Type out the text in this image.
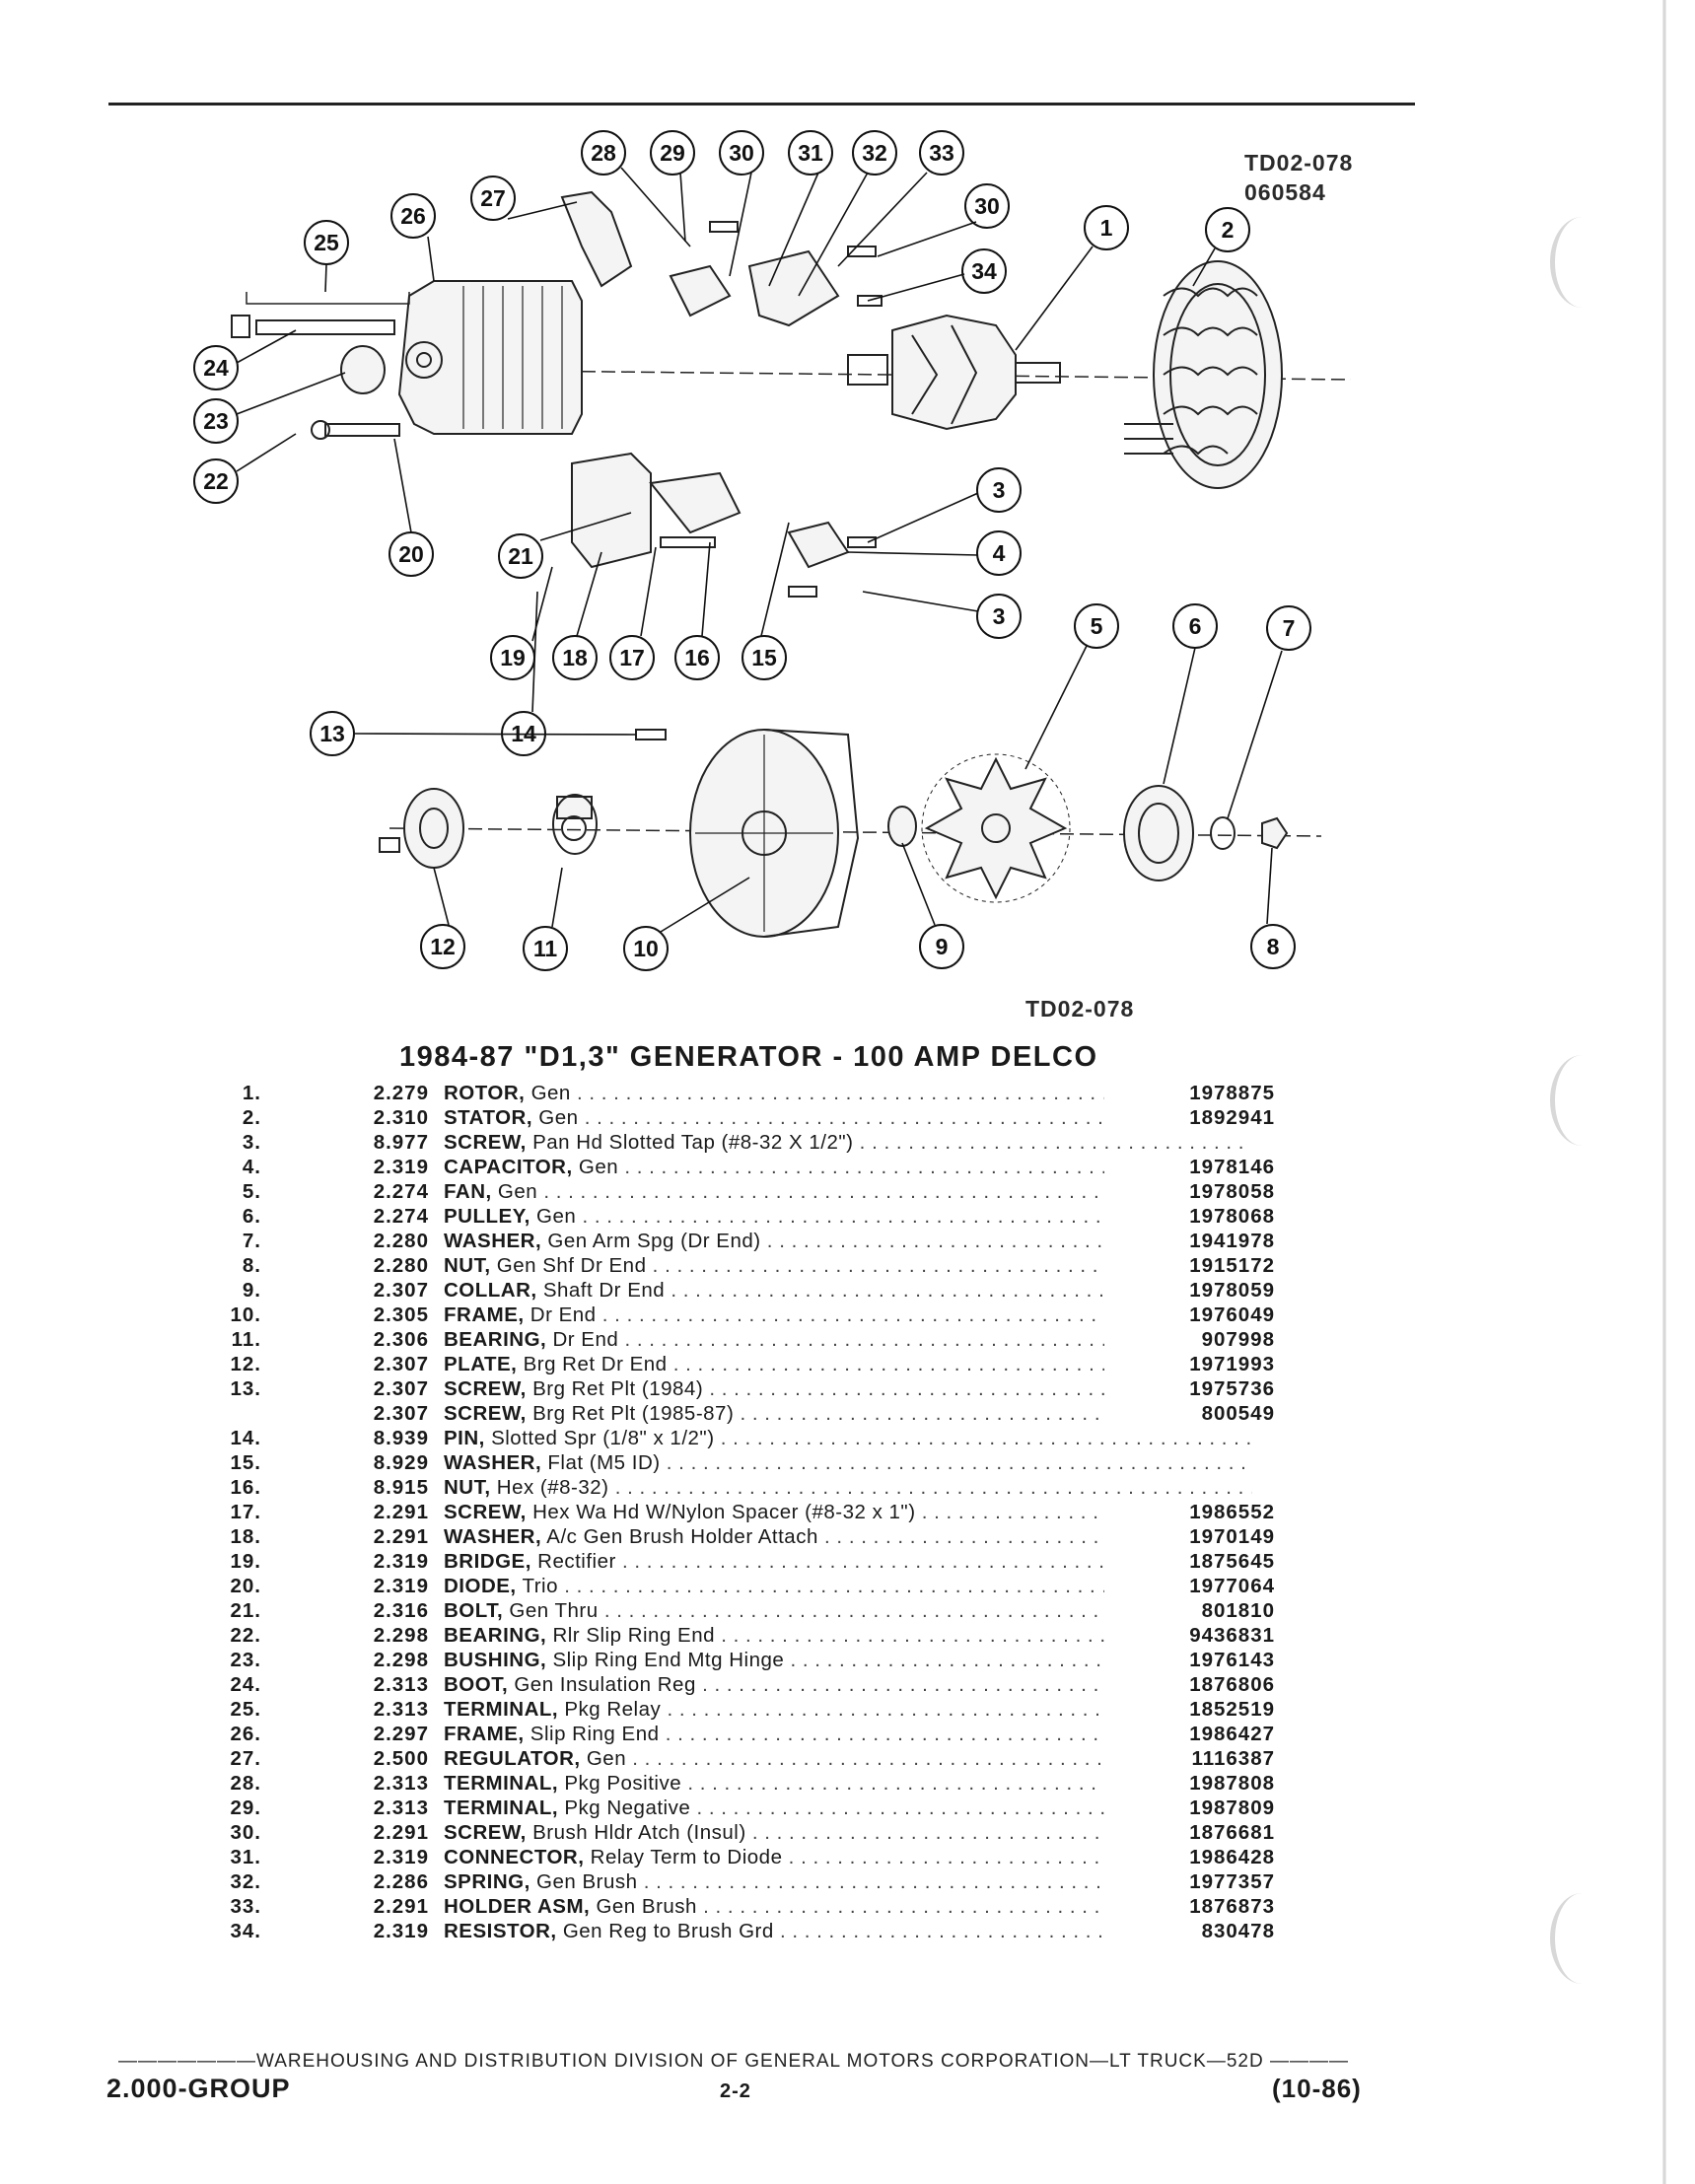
1	2
3
3
4
5	6	7
8
9
10
11
12
13	14
15
16
17
18
19
20	21
22
23
24
25
26
27
28 29
30
30 31 32 33
34
TD02-078
060584
TD02-078
1984-87 "D1,3" GENERATOR - 100 AMP DELCO
1.	2.279 ROTOR, Gen . . .	1978875
2.	2.310 STATOR, Gen . . .	1892941
3.	8.977 SCREW, Pan Hd Slotted Tap (#8-32 X 1/2") . . .
4.	2.319 CAPACITOR, Gen . . .	1978146
5.	2.274 FAN, Gen . . .	1978058
6.	2.274 PULLEY, Gen . . .	1978068
7.	2.280 WASHER, Gen Arm Spg (Dr End) . . .	1941978
8.	2.280 NUT, Gen Shf Dr End . . .	1915172
9.	2.307 COLLAR, Shaft Dr End . . .	1978059
10.	2.305 FRAME, Dr End . . .	1976049
11.	2.306 BEARING, Dr End . . .	907998
12.	2.307 PLATE, Brg Ret Dr End . . .	1971993
13.	2.307 SCREW, Brg Ret Plt (1984) . . .	1975736
2.307 SCREW, Brg Ret Plt (1985-87) . . .	800549
14.	8.939 PIN, Slotted Spr (1/8" x 1/2") . . .
15.	8.929 WASHER, Flat (M5 ID) . . .
16.	8.915 NUT, Hex (#8-32) . . .
17.	2.291 SCREW, Hex Wa Hd W/Nylon Spacer (#8-32 x 1") . . .	1986552
18.	2.291 WASHER, A/c Gen Brush Holder Attach . . .	1970149
19.	2.319 BRIDGE, Rectifier . . .	1875645
20.	2.319 DIODE, Trio . . .	1977064
21.	2.316 BOLT, Gen Thru . . .	801810
22.	2.298 BEARING, Rlr Slip Ring End . . .	9436831
23.	2.298 BUSHING, Slip Ring End Mtg Hinge . . .	1976143
24.	2.313 BOOT, Gen Insulation Reg . . .	1876806
25.	2.313 TERMINAL, Pkg Relay . . .	1852519
26.	2.297 FRAME, Slip Ring End . . .	1986427
27.	2.500 REGULATOR, Gen . . .	1116387
28.	2.313 TERMINAL, Pkg Positive . . .	1987808
29.	2.313 TERMINAL, Pkg Negative . . .	1987809
30.	2.291 SCREW, Brush Hldr Atch (Insul) . . .	1876681
31.	2.319 CONNECTOR, Relay Term to Diode . . .	1986428
32.	2.286 SPRING, Gen Brush . . .	1977357
33.	2.291 HOLDER ASM, Gen Brush . . .	1876873
34.	2.319 RESISTOR, Gen Reg to Brush Grd . . .	830478
———————WAREHOUSING AND DISTRIBUTION DIVISION OF GENERAL MOTORS CORPORATION—LT TRUCK—52D ————
2.000-GROUP	2-2	(10-86)
